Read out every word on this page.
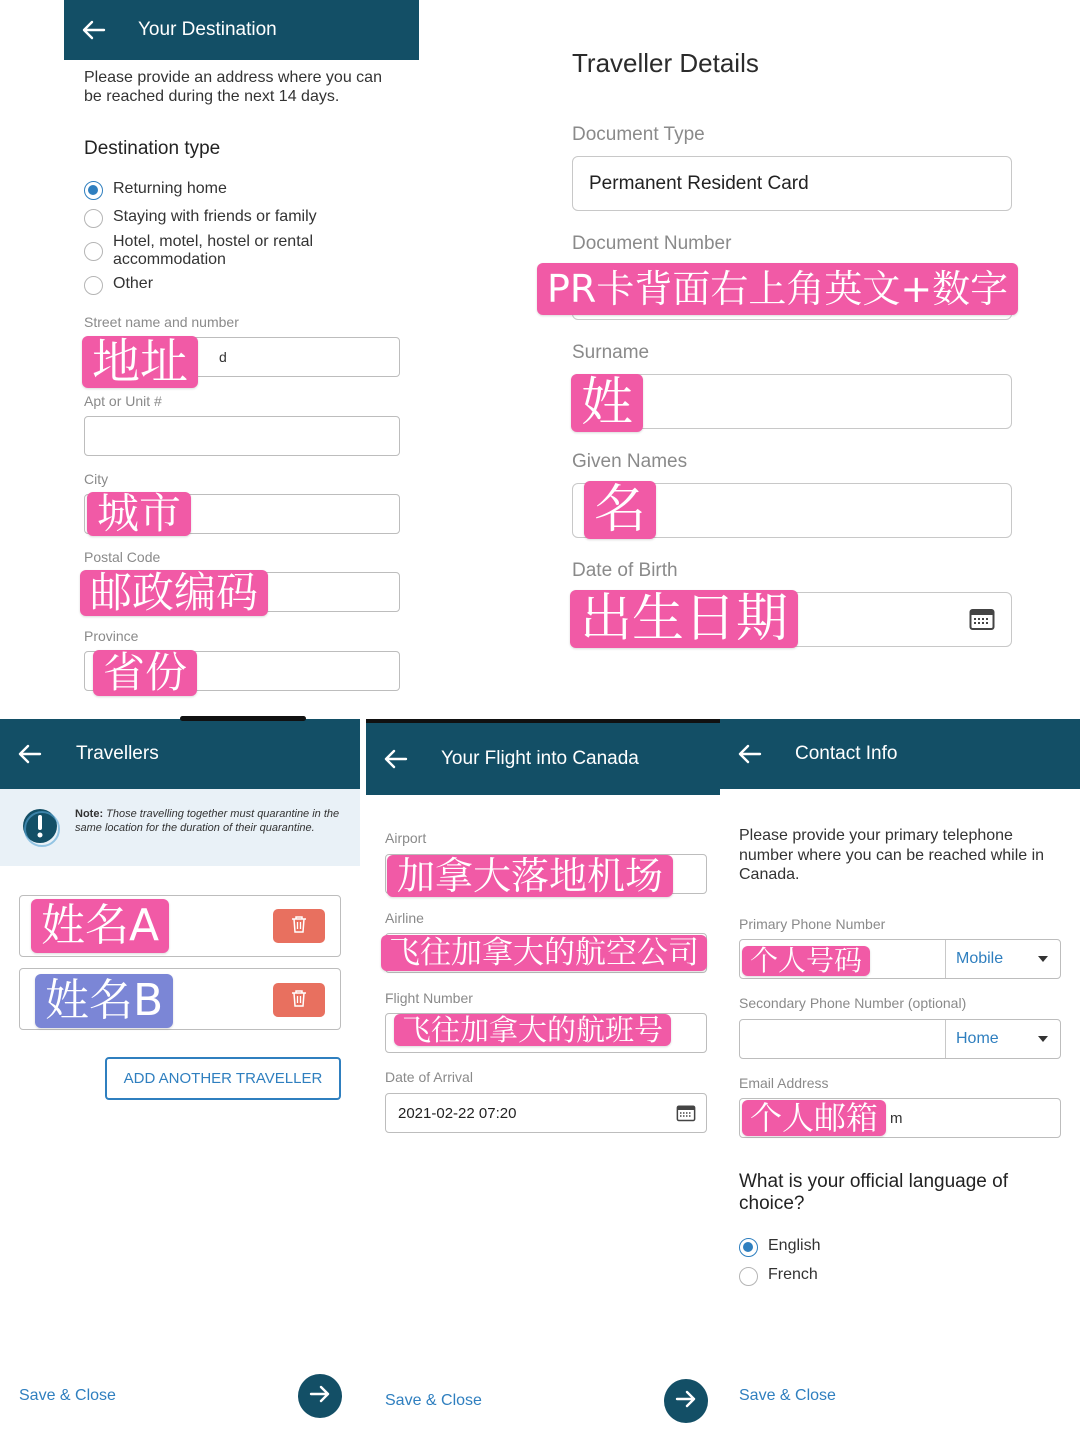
Your Destination
Please provide an address where you can be reached during the next 14 days.
Destination type
Returning home
Staying with friends or family
Hotel, motel, hostel or rental accommodation
Other
Street name and number
d
地址
Apt or Unit #
City
城市
Postal Code
邮政编码
Province
省份
Traveller Details
Document Type
Permanent Resident Card
Document Number
PR卡背面右上角英文+数字
Surname
姓
Given Names
名
Date of Birth
出生日期
Travellers
Note: Those travelling together must quarantine in the same location for the duration of their quarantine.
姓名A
姓名B
ADD ANOTHER TRAVELLER
Save & Close
Your Flight into Canada
Airport
加拿大落地机场
Airline
飞往加拿大的航空公司
Flight Number
飞往加拿大的航班号
Date of Arrival
2021-02-22 07:20
Save & Close
Contact Info
Please provide your primary telephone number where you can be reached while in Canada.
Primary Phone Number
Mobile
个人号码
Secondary Phone Number (optional)
Home
Email Address
m
个人邮箱
What is your official language of choice?
English
French
Save & Close
